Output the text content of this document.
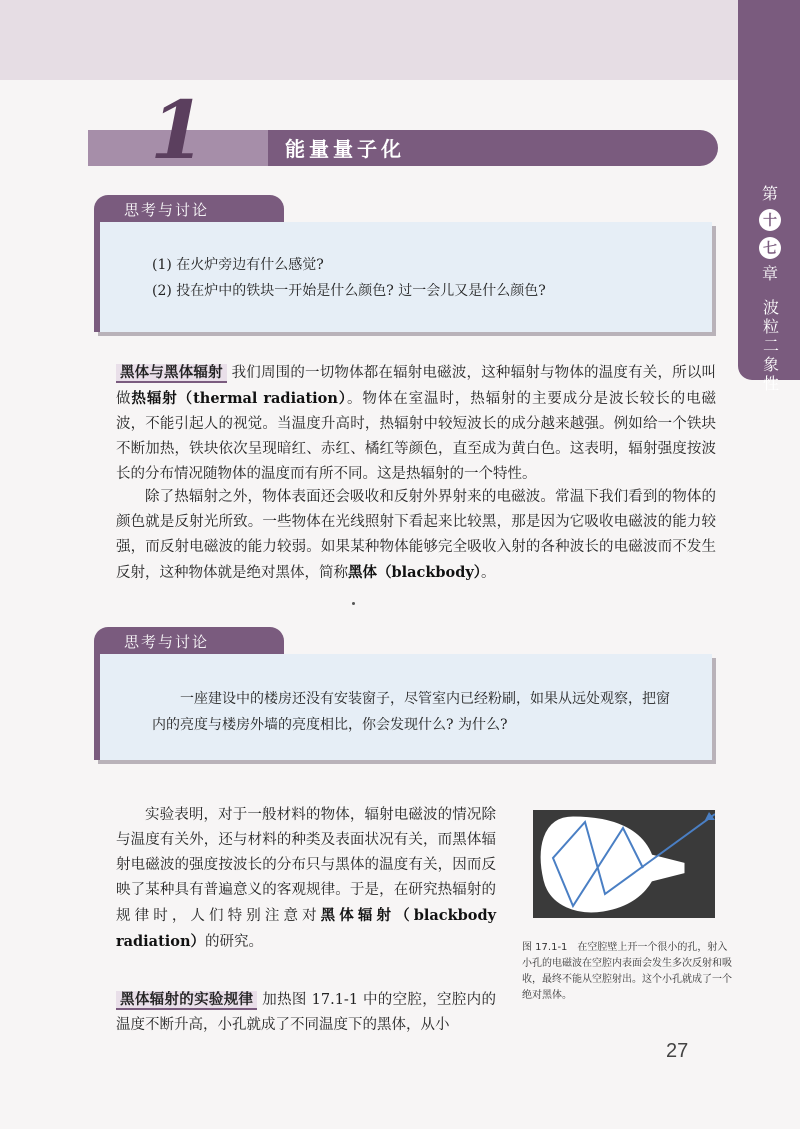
第
十
七
章
波粒二象性
1	能量量子化
思考与讨论
(1) 在火炉旁边有什么感觉?
(2) 投在炉中的铁块一开始是什么颜色? 过一会儿又是什么颜色?
黑体与黑体辐射 我们周围的一切物体都在辐射电磁波，这种辐射与物体的温度有关，所以叫做热辐射（thermal radiation）。物体在室温时，热辐射的主要成分是波长较长的电磁波，不能引起人的视觉。当温度升高时，热辐射中较短波长的成分越来越强。例如给一个铁块不断加热，铁块依次呈现暗红、赤红、橘红等颜色，直至成为黄白色。这表明，辐射强度按波长的分布情况随物体的温度而有所不同。这是热辐射的一个特性。
除了热辐射之外，物体表面还会吸收和反射外界射来的电磁波。常温下我们看到的物体的颜色就是反射光所致。一些物体在光线照射下看起来比较黑，那是因为它吸收电磁波的能力较强，而反射电磁波的能力较弱。如果某种物体能够完全吸收入射的各种波长的电磁波而不发生反射，这种物体就是绝对黑体，简称黑体（blackbody）。
思考与讨论
一座建设中的楼房还没有安装窗子，尽管室内已经粉刷，如果从远处观察，把窗内的亮度与楼房外墙的亮度相比，你会发现什么? 为什么?
实验表明，对于一般材料的物体，辐射电磁波的情况除与温度有关外，还与材料的种类及表面状况有关，而黑体辐射电磁波的强度按波长的分布只与黑体的温度有关，因而反映了某种具有普遍意义的客观规律。于是，在研究热辐射的规律时，人们特别注意对黑体辐射（blackbody radiation）的研究。
黑体辐射的实验规律 加热图 17.1-1 中的空腔，空腔内的温度不断升高，小孔就成了不同温度下的黑体，从小
图 17.1-1　在空腔壁上开一个很小的孔，射入小孔的电磁波在空腔内表面会发生多次反射和吸收，最终不能从空腔射出。这个小孔就成了一个绝对黑体。
27
